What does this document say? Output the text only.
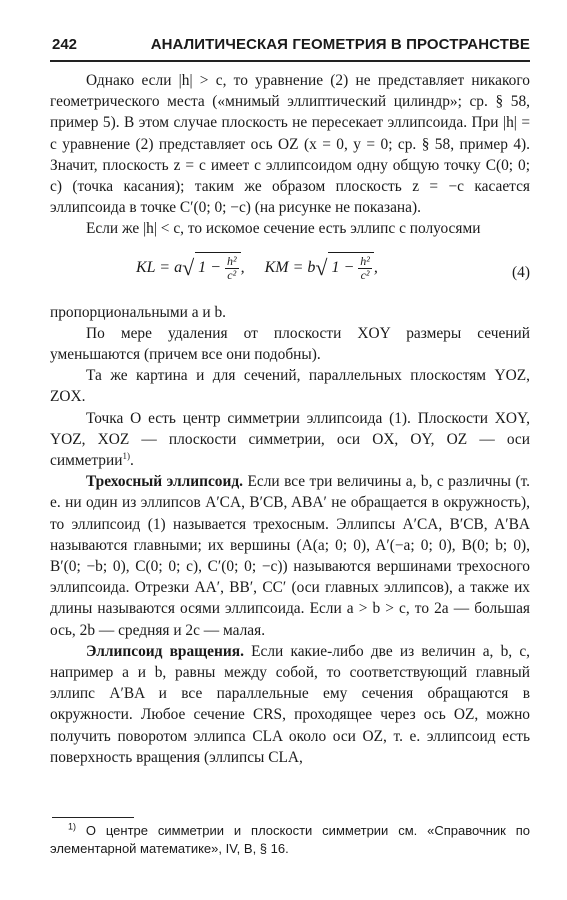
242	АНАЛИТИЧЕСКАЯ ГЕОМЕТРИЯ В ПРОСТРАНСТВЕ

Однако если |h| > c, то уравнение (2) не представляет никакого геометрического места («мнимый эллиптический цилиндр»; ср. § 58, пример 5). В этом случае плоскость не пересекает эллипсоида. При |h| = c уравнение (2) представляет ось OZ (x = 0, y = 0; ср. § 58, пример 4). Значит, плоскость z = c имеет с эллипсоидом одну общую точку C(0; 0; c) (точка касания); таким же образом плоскость z = −c касается эллипсоида в точке C′(0; 0; −c) (на рисунке не показана).

Если же |h| < c, то искомое сечение есть эллипс с полуосями

KL = a√ $1 - \frac{\text{h²}}{\text{c²}}$ , KM = b√ $1 - \frac{\text{h²}}{\text{c²}}$ ,	(4)

пропорциональными a и b.

По мере удаления от плоскости XOY размеры сечений уменьшаются (причем все они подобны).

Та же картина и для сечений, параллельных плоскостям YOZ, ZOX.

Точка O есть центр симметрии эллипсоида (1). Плоскости XOY, YOZ, XOZ — плоскости симметрии, оси OX, OY, OZ — оси симметрии$^{1)}$.

Трехосный эллипсоид. Если все три величины a, b, c различны (т. е. ни один из эллипсов A′CA, B′CB, ABA′ не обращается в окружность), то эллипсоид (1) называется трехосным. Эллипсы A′CA, B′CB, A′BA называются главными; их вершины (A(a; 0; 0), A′(−a; 0; 0), B(0; b; 0), B′(0; −b; 0), C(0; 0; c), C′(0; 0; −c)) называются вершинами трехосного эллипсоида. Отрезки AA′, BB′, CC′ (оси главных эллипсов), а также их длины называются осями эллипсоида. Если a > b > c, то 2a — большая ось, 2b — средняя и 2c — малая.

Эллипсоид вращения. Если какие-либо две из величин a, b, c, например a и b, равны между собой, то соответствующий главный эллипс A′BA и все параллельные ему сечения обращаются в окружности. Любое сечение CRS, проходящее через ось OZ, можно получить поворотом эллипса CLA около оси OZ, т. е. эллипсоид есть поверхность вращения (эллипсы CLA,

$^{1)}$ О центре симметрии и плоскости симметрии см. «Справочник по элементарной математике», IV, В, § 16.
